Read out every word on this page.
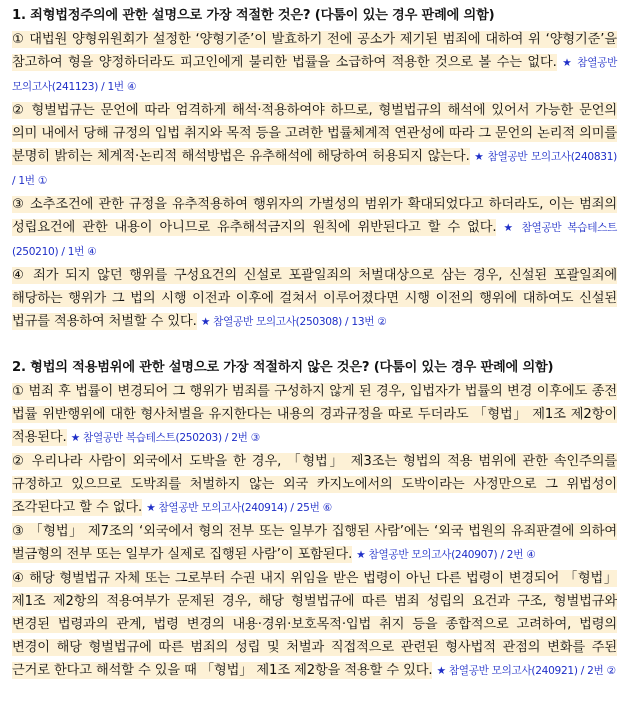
1. 죄형법정주의에 관한 설명으로 가장 적절한 것은? (다툼이 있는 경우 판례에 의함)
① 대법원 양형위원회가 설정한 ‘양형기준’이 발효하기 전에 공소가 제기된 범죄에 대하여 위 ‘양형기준’을 참고하여 형을 양정하더라도 피고인에게 불리한 법률을 소급하여 적용한 것으로 볼 수는 없다. ★ 참열공반 모의고사(241123) / 1번 ④
② 형벌법규는 문언에 따라 엄격하게 해석·적용하여야 하므로, 형벌법규의 해석에 있어서 가능한 문언의 의미 내에서 당해 규정의 입법 취지와 목적 등을 고려한 법률체계적 연관성에 따라 그 문언의 논리적 의미를 분명히 밝히는 체계적·논리적 해석방법은 유추해석에 해당하여 허용되지 않는다. ★ 참열공반 모의고사(240831) / 1번 ①
③ 소추조건에 관한 규정을 유추적용하여 행위자의 가벌성의 범위가 확대되었다고 하더라도, 이는 범죄의 성립요건에 관한 내용이 아니므로 유추해석금지의 원칙에 위반된다고 할 수 없다. ★ 참열공반 복습테스트(250210) / 1번 ④
④ 죄가 되지 않던 행위를 구성요건의 신설로 포괄일죄의 처벌대상으로 삼는 경우, 신설된 포괄일죄에 해당하는 행위가 그 법의 시행 이전과 이후에 걸쳐서 이루어졌다면 시행 이전의 행위에 대하여도 신설된 법규를 적용하여 처벌할 수 있다. ★ 참열공반 모의고사(250308) / 13번 ②
2. 형법의 적용범위에 관한 설명으로 가장 적절하지 않은 것은? (다툼이 있는 경우 판례에 의함)
① 범죄 후 법률이 변경되어 그 행위가 범죄를 구성하지 않게 된 경우, 입법자가 법률의 변경 이후에도 종전 법률 위반행위에 대한 형사처벌을 유지한다는 내용의 경과규정을 따로 두더라도 「형법」 제1조 제2항이 적용된다. ★ 참열공반 복습테스트(250203) / 2번 ③
② 우리나라 사람이 외국에서 도박을 한 경우, 「형법」 제3조는 형법의 적용 범위에 관한 속인주의를 규정하고 있으므로 도박죄를 처벌하지 않는 외국 카지노에서의 도박이라는 사정만으로 그 위법성이 조각된다고 할 수 없다. ★ 참열공반 모의고사(240914) / 25번 ⑥
③ 「형법」 제7조의 ‘외국에서 형의 전부 또는 일부가 집행된 사람’에는 ‘외국 법원의 유죄판결에 의하여 벌금형의 전부 또는 일부가 실제로 집행된 사람’이 포함된다. ★ 참열공반 모의고사(240907) / 2번 ④
④ 해당 형벌법규 자체 또는 그로부터 수권 내지 위임을 받은 법령이 아닌 다른 법령이 변경되어 「형법」 제1조 제2항의 적용여부가 문제된 경우, 해당 형벌법규에 따른 범죄 성립의 요건과 구조, 형벌법규와 변경된 법령과의 관계, 법령 변경의 내용·경위·보호목적·입법 취지 등을 종합적으로 고려하여, 법령의 변경이 해당 형벌법규에 따른 범죄의 성립 및 처벌과 직접적으로 관련된 형사법적 관점의 변화를 주된 근거로 한다고 해석할 수 있을 때 「형법」 제1조 제2항을 적용할 수 있다. ★ 참열공반 모의고사(240921) / 2번 ②
